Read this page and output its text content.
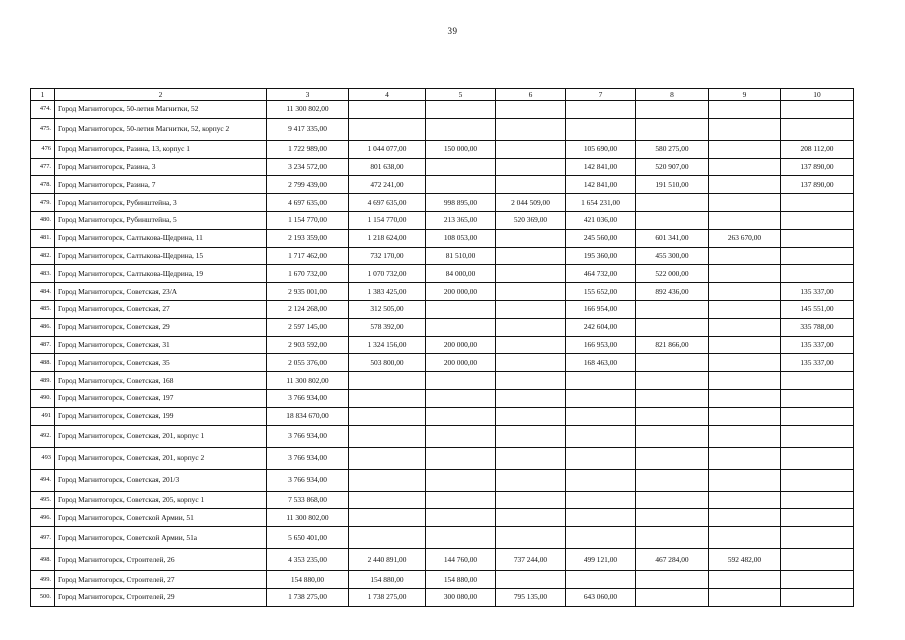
39
1	2	3	4	5	6	7	8	9	10
474.	Город Магнитогорск, 50-летия Магнитки, 52	11 300 802,00							
475.	Город Магнитогорск, 50-летия Магнитки, 52, корпус 2	9 417 335,00							
476	Город Магнитогорск, Разина, 13, корпус 1	1 722 989,00	1 044 077,00	150 000,00		105 690,00	580 275,00		208 112,00
477.	Город Магнитогорск, Разина, 3	3 234 572,00	801 638,00			142 841,00	520 907,00		137 890,00
478.	Город Магнитогорск, Разина, 7	2 799 439,00	472 241,00			142 841,00	191 510,00		137 890,00
479.	Город Магнитогорск, Рубинштейна, 3	4 697 635,00	4 697 635,00	998 895,00	2 044 509,00	1 654 231,00			
480.	Город Магнитогорск, Рубинштейна, 5	1 154 770,00	1 154 770,00	213 365,00	520 369,00	421 036,00			
481.	Город Магнитогорск, Салтыкова-Щедрина, 11	2 193 359,00	1 218 624,00	108 053,00		245 560,00	601 341,00	263 670,00	
482.	Город Магнитогорск, Салтыкова-Щедрина, 15	1 717 462,00	732 170,00	81 510,00		195 360,00	455 300,00		
483.	Город Магнитогорск, Салтыкова-Щедрина, 19	1 670 732,00	1 070 732,00	84 000,00		464 732,00	522 000,00		
484.	Город Магнитогорск, Советская, 23/А	2 935 001,00	1 383 425,00	200 000,00		155 652,00	892 436,00		135 337,00
485.	Город Магнитогорск, Советская, 27	2 124 268,00	312 505,00			166 954,00			145 551,00
486.	Город Магнитогорск, Советская, 29	2 597 145,00	578 392,00			242 604,00			335 788,00
487.	Город Магнитогорск, Советская, 31	2 903 592,00	1 324 156,00	200 000,00		166 953,00	821 866,00		135 337,00
488.	Город Магнитогорск, Советская, 35	2 055 376,00	503 800,00	200 000,00		168 463,00			135 337,00
489.	Город Магнитогорск, Советская, 168	11 300 802,00							
490.	Город Магнитогорск, Советская, 197	3 766 934,00							
491	Город Магнитогорск, Советская, 199	18 834 670,00							
492.	Город Магнитогорск, Советская, 201, корпус 1	3 766 934,00							
493	Город Магнитогорск, Советская, 201, корпус 2	3 766 934,00							
494.	Город Магнитогорск, Советская, 201/3	3 766 934,00							
495.	Город Магнитогорск, Советская, 205, корпус 1	7 533 868,00							
496.	Город Магнитогорск, Советской Армии, 51	11 300 802,00							
497.	Город Магнитогорск, Советской Армии, 51а	5 650 401,00							
498.	Город Магнитогорск, Строителей, 26	4 353 235,00	2 440 891,00	144 760,00	737 244,00	499 121,00	467 284,00	592 482,00	
499.	Город Магнитогорск, Строителей, 27	154 880,00	154 880,00	154 880,00					
500.	Город Магнитогорск, Строителей, 29	1 738 275,00	1 738 275,00	300 080,00	795 135,00	643 060,00			
